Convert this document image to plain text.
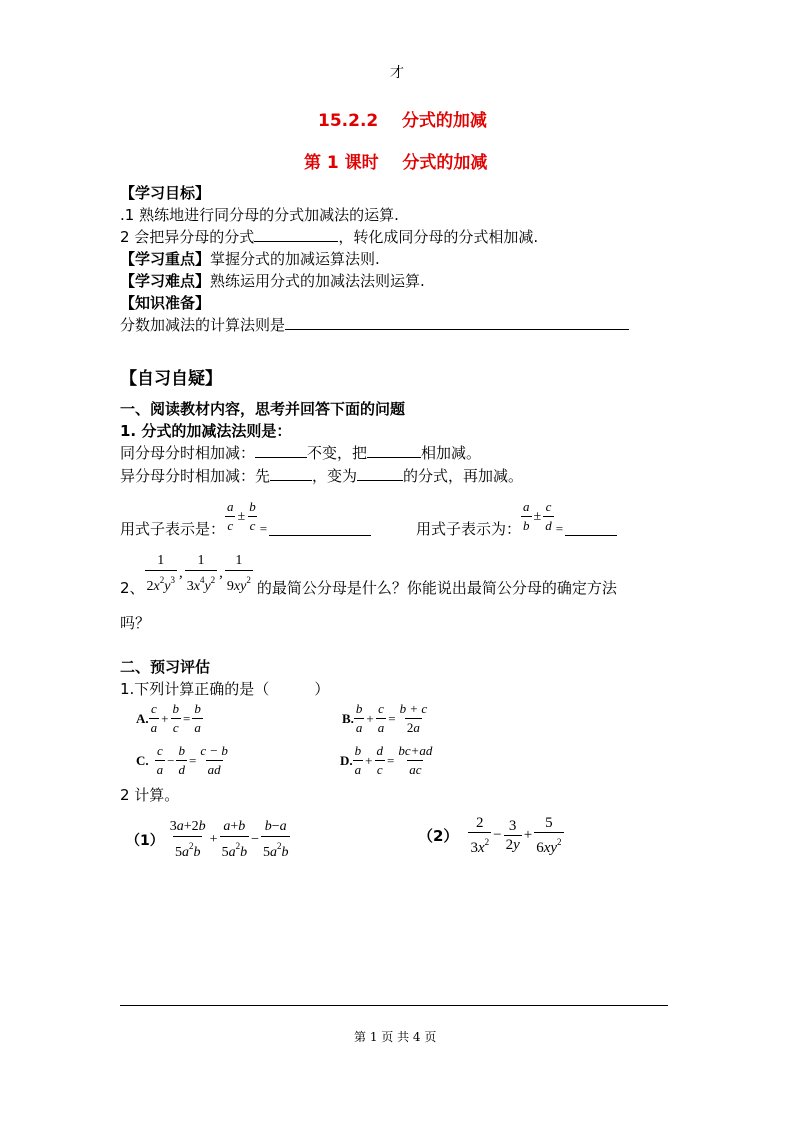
才
15.2.2    分式的加减
第 1 课时    分式的加减
【学习目标】
.1 熟练地进行同分母的分式加减法的运算.
2 会把异分母的分式	，转化成同分母的分式相加减.
【学习重点】掌握分式的加减运算法则.
【学习难点】熟练运用分式的加减法法则运算.
【知识准备】
分数加减法的计算法则是
【自习自疑】
一、阅读教材内容，思考并回答下面的问题
1. 分式的加减法法则是：
同分母分时相加减：	不变，把	相加减。
异分母分时相加减：先	，变为	的分式，再加减。
用式子表示是： $\frac{a}{c} \pm \frac{b}{c}$ =	用式子表示为： $\frac{a}{b} \pm \frac{c}{d}$ =
2、 $\frac{1}{2x^2y^3}$ , $\frac{1}{3x^4y^2}$ , $\frac{1}{9xy^2}$ 的最简公分母是什么？你能说出最简公分母的确定方法
吗？
二、预习评估
1.下列计算正确的是（　　　）
A. $\frac{c}{a} + \frac{b}{c} = \frac{b}{a}$	B. $\frac{b}{a} + \frac{c}{a} = \frac{b + c}{2a}$
C. $\frac{c}{a} - \frac{b}{d} = \frac{c - b}{ad}$	D. $\frac{b}{a} + \frac{d}{c} = \frac{bc+ad}{ac}$
2 计算。
$(1) \frac{3a+2b}{5a^2b} + \frac{a+b}{5a^2b} - \frac{b-a}{5a^2b}$	$(2) \frac{2}{3x^2} - \frac{3}{2y} + \frac{5}{6xy^2}$
第 1 页 共 4 页
